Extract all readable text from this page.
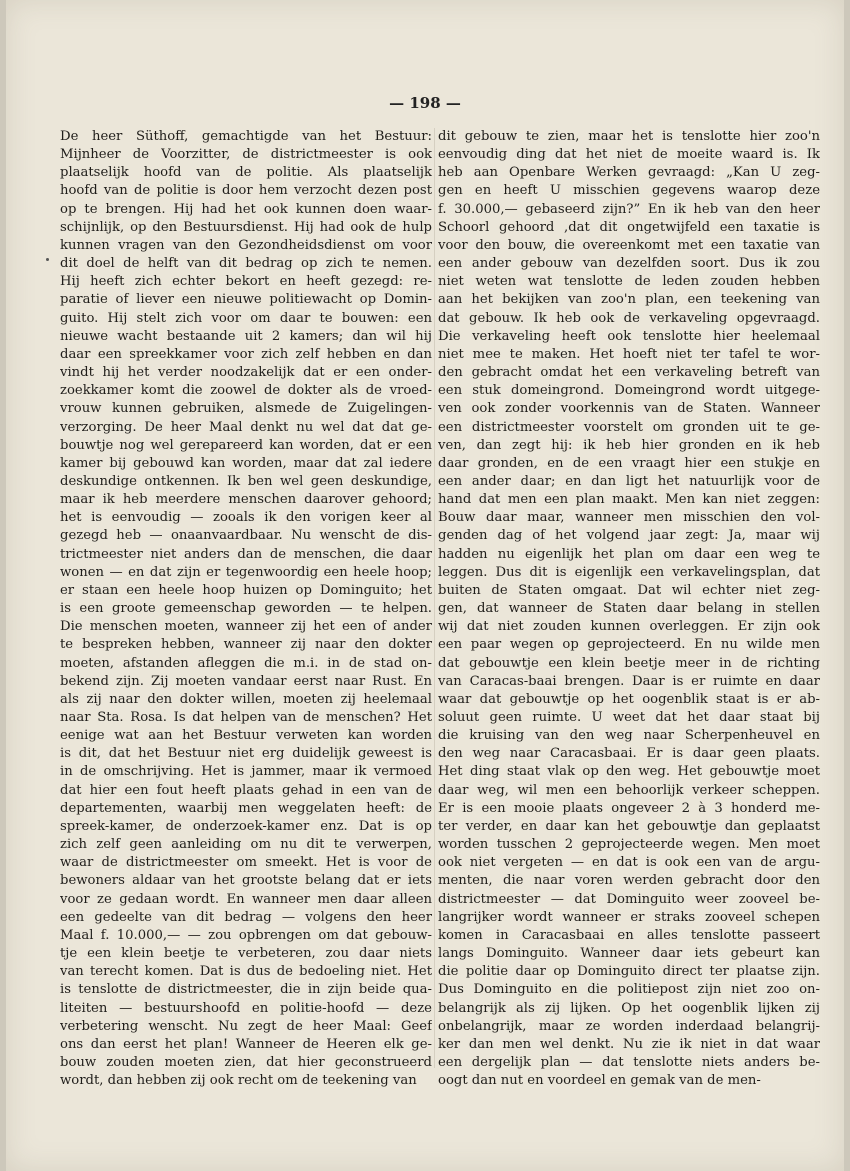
— 198 —
De heer Süthoff, gemachtigde van het Bestuur:
Mijnheer de Voorzitter, de districtmeester is ook
plaatselijk hoofd van de politie. Als plaatselijk
hoofd van de politie is door hem verzocht dezen post
op te brengen. Hij had het ook kunnen doen waar-
schijnlijk, op den Bestuursdienst. Hij had ook de hulp
kunnen vragen van den Gezondheidsdienst om voor
dit doel de helft van dit bedrag op zich te nemen.
Hij heeft zich echter bekort en heeft gezegd: re-
paratie of liever een nieuwe politiewacht op Domin-
guito. Hij stelt zich voor om daar te bouwen: een
nieuwe wacht bestaande uit 2 kamers; dan wil hij
daar een spreekkamer voor zich zelf hebben en dan
vindt hij het verder noodzakelijk dat er een onder-
zoekkamer komt die zoowel de dokter als de vroed-
vrouw kunnen gebruiken, alsmede de Zuigelingen-
verzorging. De heer Maal denkt nu wel dat dat ge-
bouwtje nog wel gerepareerd kan worden, dat er een
kamer bij gebouwd kan worden, maar dat zal iedere
deskundige ontkennen. Ik ben wel geen deskundige,
maar ik heb meerdere menschen daarover gehoord;
het is eenvoudig — zooals ik den vorigen keer al
gezegd heb — onaanvaardbaar. Nu wenscht de dis-
trictmeester niet anders dan de menschen, die daar
wonen — en dat zijn er tegenwoordig een heele hoop;
er staan een heele hoop huizen op Dominguito; het
is een groote gemeenschap geworden — te helpen.
Die menschen moeten, wanneer zij het een of ander
te bespreken hebben, wanneer zij naar den dokter
moeten, afstanden afleggen die m.i. in de stad on-
bekend zijn. Zij moeten vandaar eerst naar Rust. En
als zij naar den dokter willen, moeten zij heelemaal
naar Sta. Rosa. Is dat helpen van de menschen? Het
eenige wat aan het Bestuur verweten kan worden
is dit, dat het Bestuur niet erg duidelijk geweest is
in de omschrijving. Het is jammer, maar ik vermoed
dat hier een fout heeft plaats gehad in een van de
departementen, waarbij men weggelaten heeft: de
spreek-kamer, de onderzoek-kamer enz. Dat is op
zich zelf geen aanleiding om nu dit te verwerpen,
waar de districtmeester om smeekt. Het is voor de
bewoners aldaar van het grootste belang dat er iets
voor ze gedaan wordt. En wanneer men daar alleen
een gedeelte van dit bedrag — volgens den heer
Maal f. 10.000,— — zou opbrengen om dat gebouw-
tje een klein beetje te verbeteren, zou daar niets
van terecht komen. Dat is dus de bedoeling niet. Het
is tenslotte de districtmeester, die in zijn beide qua-
liteiten — bestuurshoofd en politie-hoofd — deze
verbetering wenscht. Nu zegt de heer Maal: Geef
ons dan eerst het plan! Wanneer de Heeren elk ge-
bouw zouden moeten zien, dat hier geconstrueerd
wordt, dan hebben zij ook recht om de teekening van
dit gebouw te zien, maar het is tenslotte hier zoo'n
eenvoudig ding dat het niet de moeite waard is. Ik
heb aan Openbare Werken gevraagd: „Kan U zeg-
gen en heeft U misschien gegevens waarop deze
f. 30.000,— gebaseerd zijn?” En ik heb van den heer
Schoorl gehoord ,dat dit ongetwijfeld een taxatie is
voor den bouw, die overeenkomt met een taxatie van
een ander gebouw van dezelfden soort. Dus ik zou
niet weten wat tenslotte de leden zouden hebben
aan het bekijken van zoo'n plan, een teekening van
dat gebouw. Ik heb ook de verkaveling opgevraagd.
Die verkaveling heeft ook tenslotte hier heelemaal
niet mee te maken. Het hoeft niet ter tafel te wor-
den gebracht omdat het een verkaveling betreft van
een stuk domeingrond. Domeingrond wordt uitgege-
ven ook zonder voorkennis van de Staten. Wanneer
een districtmeester voorstelt om gronden uit te ge-
ven, dan zegt hij: ik heb hier gronden en ik heb
daar gronden, en de een vraagt hier een stukje en
een ander daar; en dan ligt het natuurlijk voor de
hand dat men een plan maakt. Men kan niet zeggen:
Bouw daar maar, wanneer men misschien den vol-
genden dag of het volgend jaar zegt: Ja, maar wij
hadden nu eigenlijk het plan om daar een weg te
leggen. Dus dit is eigenlijk een verkavelingsplan, dat
buiten de Staten omgaat. Dat wil echter niet zeg-
gen, dat wanneer de Staten daar belang in stellen
wij dat niet zouden kunnen overleggen. Er zijn ook
een paar wegen op geprojecteerd. En nu wilde men
dat gebouwtje een klein beetje meer in de richting
van Caracas-baai brengen. Daar is er ruimte en daar
waar dat gebouwtje op het oogenblik staat is er ab-
soluut geen ruimte. U weet dat het daar staat bij
die kruising van den weg naar Scherpenheuvel en
den weg naar Caracasbaai. Er is daar geen plaats.
Het ding staat vlak op den weg. Het gebouwtje moet
daar weg, wil men een behoorlijk verkeer scheppen.
Er is een mooie plaats ongeveer 2 à 3 honderd me-
ter verder, en daar kan het gebouwtje dan geplaatst
worden tusschen 2 geprojecteerde wegen. Men moet
ook niet vergeten — en dat is ook een van de argu-
menten, die naar voren werden gebracht door den
districtmeester — dat Dominguito weer zooveel be-
langrijker wordt wanneer er straks zooveel schepen
komen in Caracasbaai en alles tenslotte passeert
langs Dominguito. Wanneer daar iets gebeurt kan
die politie daar op Dominguito direct ter plaatse zijn.
Dus Dominguito en die politiepost zijn niet zoo on-
belangrijk als zij lijken. Op het oogenblik lijken zij
onbelangrijk, maar ze worden inderdaad belangrij-
ker dan men wel denkt. Nu zie ik niet in dat waar
een dergelijk plan — dat tenslotte niets anders be-
oogt dan nut en voordeel en gemak van de men-
